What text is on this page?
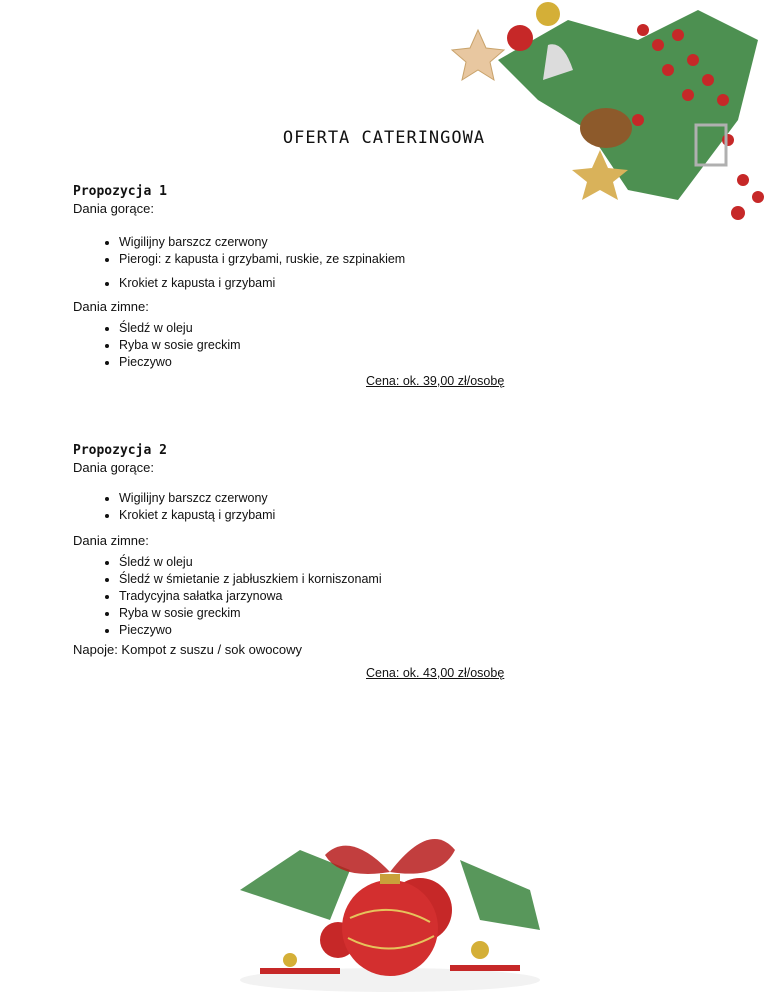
OFERTA CATERINGOWA
Propozycja 1
Dania gorące:
• Wigilijny barszcz czerwony
• Pierogi: z kapusta i grzybami, ruskie, ze szpinakiem
• Krokiet z kapusta i grzybami
Dania zimne:
• Śledź w oleju
• Ryba w sosie greckim
• Pieczywo
Cena: ok. 39,00 zł/osobę
Propozycja 2
Dania gorące:
• Wigilijny barszcz czerwony
• Krokiet z kapustą i grzybami
Dania zimne:
• Śledź w oleju
• Śledź w śmietanie z jabłuszkiem i korniszonami
• Tradycyjna sałatka jarzynowa
• Ryba w sosie greckim
• Pieczywo
Napoje: Kompot z suszu / sok owocowy
Cena: ok. 43,00 zł/osobę
